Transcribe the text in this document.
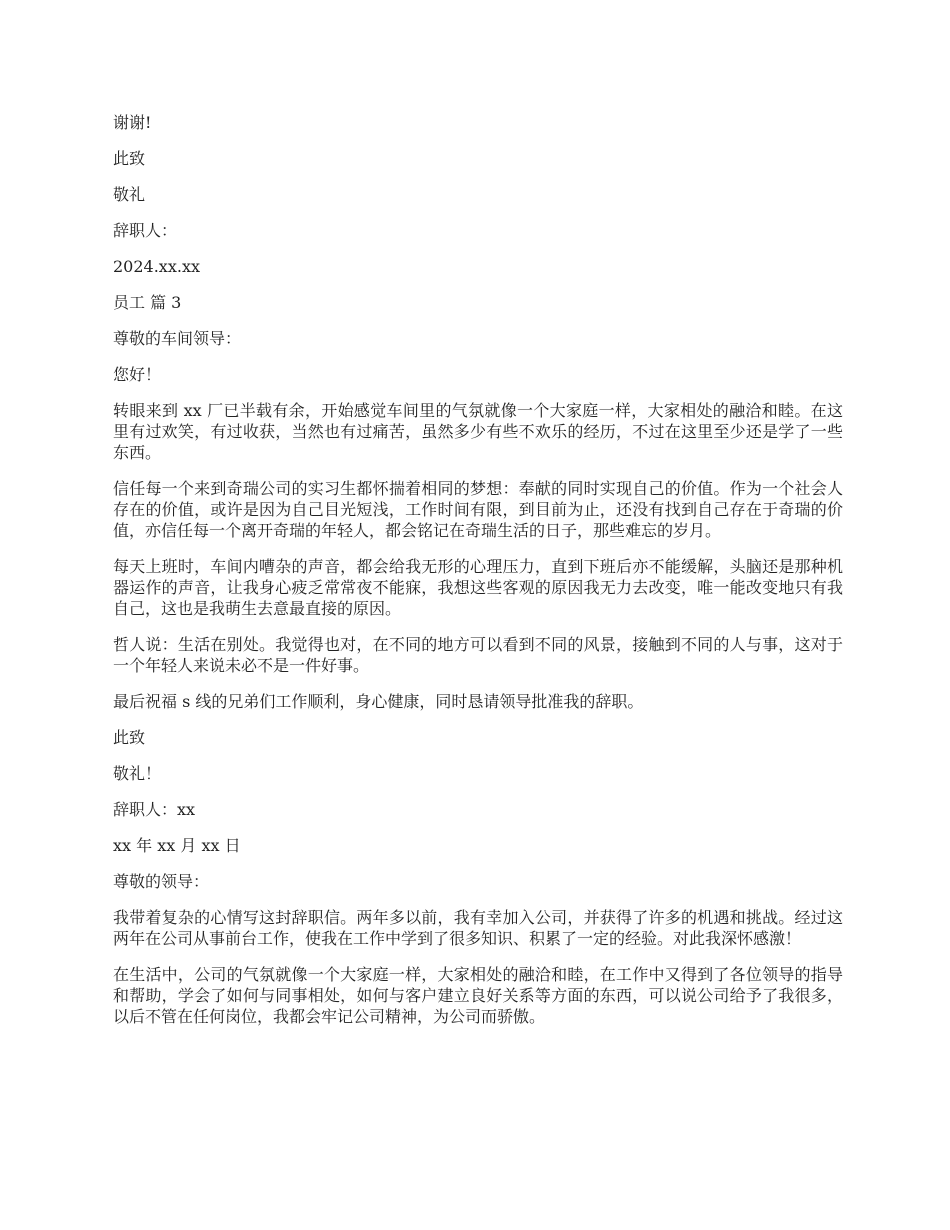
谢谢!

此致

敬礼

辞职人：

2024.xx.xx

员工 篇 3

尊敬的车间领导：

您好！

转眼来到 xx 厂已半载有余，开始感觉车间里的气氛就像一个大家庭一样，大家相处的融洽和睦。在这里有过欢笑，有过收获，当然也有过痛苦，虽然多少有些不欢乐的经历，不过在这里至少还是学了一些东西。

信任每一个来到奇瑞公司的实习生都怀揣着相同的梦想：奉献的同时实现自己的价值。作为一个社会人存在的价值，或许是因为自己目光短浅，工作时间有限，到目前为止，还没有找到自己存在于奇瑞的价值，亦信任每一个离开奇瑞的年轻人，都会铭记在奇瑞生活的日子，那些难忘的岁月。

每天上班时，车间内嘈杂的声音，都会给我无形的心理压力，直到下班后亦不能缓解，头脑还是那种机器运作的声音，让我身心疲乏常常夜不能寐，我想这些客观的原因我无力去改变，唯一能改变地只有我自己，这也是我萌生去意最直接的原因。

哲人说：生活在别处。我觉得也对，在不同的地方可以看到不同的风景，接触到不同的人与事，这对于一个年轻人来说未必不是一件好事。

最后祝福 s 线的兄弟们工作顺利，身心健康，同时恳请领导批准我的辞职。

此致

敬礼！

辞职人：xx

xx 年 xx 月 xx 日

尊敬的领导：

我带着复杂的心情写这封辞职信。两年多以前，我有幸加入公司，并获得了许多的机遇和挑战。经过这两年在公司从事前台工作，使我在工作中学到了很多知识、积累了一定的经验。对此我深怀感激！

在生活中，公司的气氛就像一个大家庭一样，大家相处的融洽和睦，在工作中又得到了各位领导的指导和帮助，学会了如何与同事相处，如何与客户建立良好关系等方面的东西，可以说公司给予了我很多，以后不管在任何岗位，我都会牢记公司精神，为公司而骄傲。
